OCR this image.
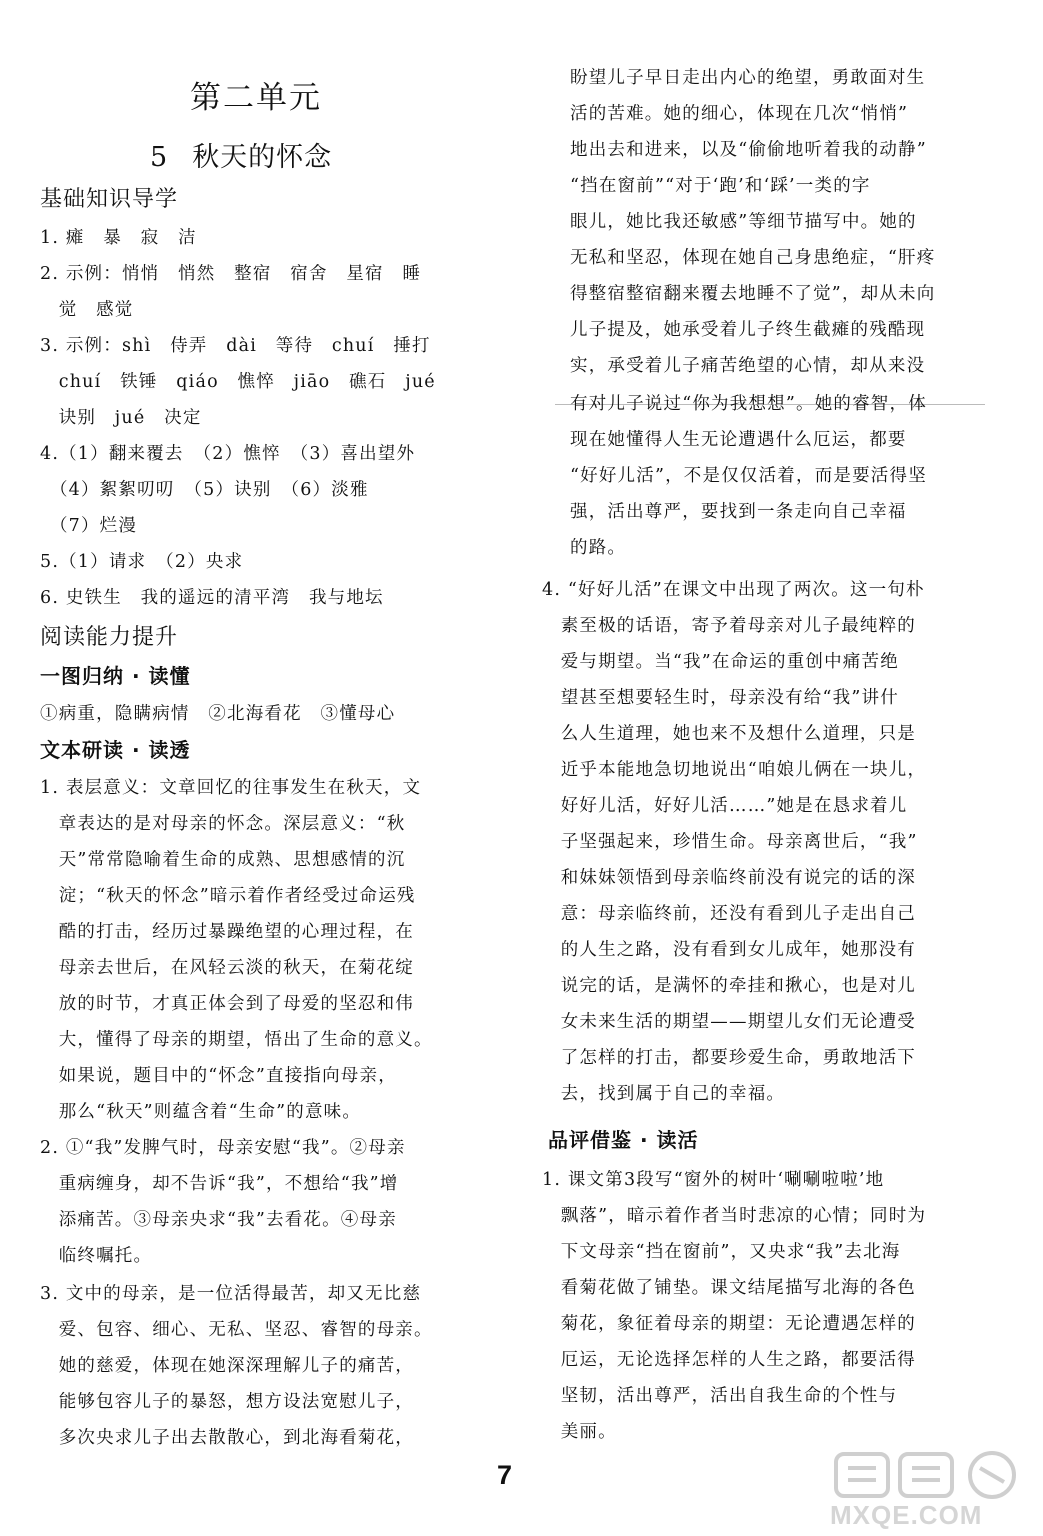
第二单元
5 秋天的怀念
基础知识导学
1. 瘫　暴　寂　洁
2. 示例：悄悄　悄然　整宿　宿舍　星宿　睡
　觉　感觉
3. 示例：shì　侍弄　dài　等待　chuí　捶打
　chuí　铁锤　qiáo　憔悴　jiāo　礁石　jué
　诀别　jué　决定
4.（1）翻来覆去　（2）憔悴　（3）喜出望外
　（4）絮絮叨叨　（5）诀别　（6）淡雅
　（7）烂漫
5.（1）请求　（2）央求
6. 史铁生　我的遥远的清平湾　我与地坛
阅读能力提升
一图归纳 · 读懂
①病重，隐瞒病情　②北海看花　③懂母心
文本研读 · 读透
1. 表层意义：文章回忆的往事发生在秋天，文
　章表达的是对母亲的怀念。深层意义：“秋
　天”常常隐喻着生命的成熟、思想感情的沉
　淀；“秋天的怀念”暗示着作者经受过命运残
　酷的打击，经历过暴躁绝望的心理过程，在
　母亲去世后，在风轻云淡的秋天，在菊花绽
　放的时节，才真正体会到了母爱的坚忍和伟
　大，懂得了母亲的期望，悟出了生命的意义。
　如果说，题目中的“怀念”直接指向母亲，
　那么“秋天”则蕴含着“生命”的意味。
2. ①“我”发脾气时，母亲安慰“我”。②母亲
　重病缠身，却不告诉“我”，不想给“我”增
　添痛苦。③母亲央求“我”去看花。④母亲
　临终嘱托。
3. 文中的母亲，是一位活得最苦，却又无比慈
　爱、包容、细心、无私、坚忍、睿智的母亲。
　她的慈爱，体现在她深深理解儿子的痛苦，
　能够包容儿子的暴怒，想方设法宽慰儿子，
　多次央求儿子出去散散心，到北海看菊花，
盼望儿子早日走出内心的绝望，勇敢面对生
活的苦难。她的细心，体现在几次“悄悄”
地出去和进来，以及“偷偷地听着我的动静”
“挡在窗前”“对于‘跑’和‘踩’一类的字
眼儿，她比我还敏感”等细节描写中。她的
无私和坚忍，体现在她自己身患绝症，“肝疼
得整宿整宿翻来覆去地睡不了觉”，却从未向
儿子提及，她承受着儿子终生截瘫的残酷现
实，承受着儿子痛苦绝望的心情，却从来没
有对儿子说过“你为我想想”。她的睿智，体
现在她懂得人生无论遭遇什么厄运，都要
“好好儿活”，不是仅仅活着，而是要活得坚
强，活出尊严，要找到一条走向自己幸福
的路。
4. “好好儿活”在课文中出现了两次。这一句朴
　素至极的话语，寄予着母亲对儿子最纯粹的
　爱与期望。当“我”在命运的重创中痛苦绝
　望甚至想要轻生时，母亲没有给“我”讲什
　么人生道理，她也来不及想什么道理，只是
　近乎本能地急切地说出“咱娘儿俩在一块儿，
　好好儿活，好好儿活……”她是在恳求着儿
　子坚强起来，珍惜生命。母亲离世后，“我”
　和妹妹领悟到母亲临终前没有说完的话的深
　意：母亲临终前，还没有看到儿子走出自己
　的人生之路，没有看到女儿成年，她那没有
　说完的话，是满怀的牵挂和揪心，也是对儿
　女未来生活的期望——期望儿女们无论遭受
　了怎样的打击，都要珍爱生命，勇敢地活下
　去，找到属于自己的幸福。
品评借鉴 · 读活
1. 课文第3段写“窗外的树叶‘唰唰啦啦’地
　飘落”，暗示着作者当时悲凉的心情；同时为
　下文母亲“挡在窗前”，又央求“我”去北海
　看菊花做了铺垫。课文结尾描写北海的各色
　菊花，象征着母亲的期望：无论遭遇怎样的
　厄运，无论选择怎样的人生之路，都要活得
　坚韧，活出尊严，活出自我生命的个性与
　美丽。
7
MXQE.COM
